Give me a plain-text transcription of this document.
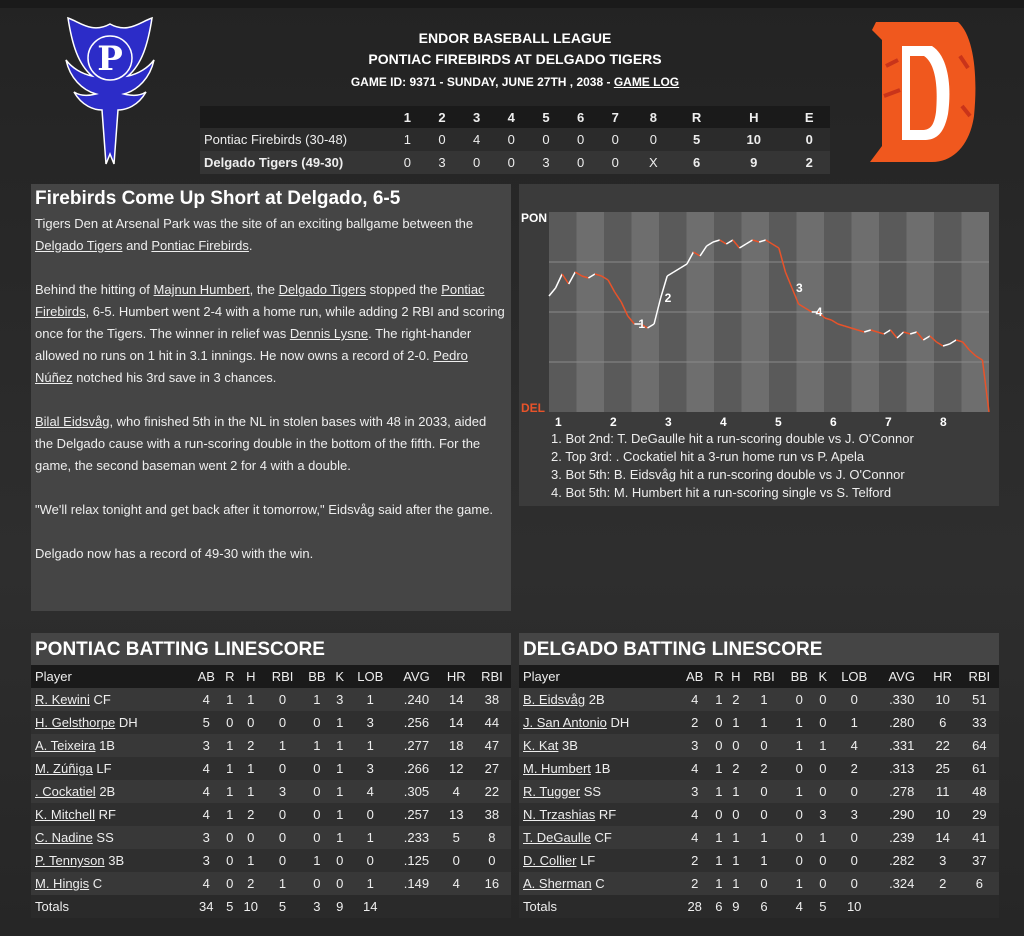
P
ENDOR BASEBALL LEAGUE
PONTIAC FIREBIRDS AT DELGADO TIGERS
GAME ID: 9371 - SUNDAY, JUNE 27TH , 2038 - GAME LOG
	1	2	3	4	5	6	7	8	R	H	E
Pontiac Firebirds (30-48)	1	0	4	0	0	0	0	0	5	10	0
Delgado Tigers (49-30)	0	3	0	0	3	0	0	X	6	9	2
Firebirds Come Up Short at Delgado, 6-5

Tigers Den at Arsenal Park was the site of an exciting ballgame between the Delgado Tigers and Pontiac Firebirds.

Behind the hitting of Majnun Humbert, the Delgado Tigers stopped the Pontiac Firebirds, 6-5. Humbert went 2-4 with a home run, while adding 2 RBI and scoring once for the Tigers. The winner in relief was Dennis Lysne. The right-hander allowed no runs on 1 hit in 3.1 innings. He now owns a record of 2-0. Pedro Núñez notched his 3rd save in 3 chances.

Bilal Eidsvåg, who finished 5th in the NL in stolen bases with 48 in 2033, aided the Delgado cause with a run-scoring double in the bottom of the fifth. For the game, the second baseman went 2 for 4 with a double.

"We'll relax tonight and get back after it tomorrow," Eidsvåg said after the game.

Delgado now has a record of 49-30 with the win.

PON
DEL
1	2	3	4	5	6	7	8
1
2
3
4
1. Bot 2nd: T. DeGaulle hit a run-scoring double vs J. O'Connor
2. Top 3rd: . Cockatiel hit a 3-run home run vs P. Apela
3. Bot 5th: B. Eidsvåg hit a run-scoring double vs J. O'Connor
4. Bot 5th: M. Humbert hit a run-scoring single vs S. Telford
PONTIAC BATTING LINESCORE
Player	AB	R	H	RBI	BB	K	LOB	AVG	HR	RBI
R. Kewini CF	4	1	1	0	1	3	1	.240	14	38
H. Gelsthorpe DH	5	0	0	0	0	1	3	.256	14	44
A. Teixeira 1B	3	1	2	1	1	1	1	.277	18	47
M. Zúñiga LF	4	1	1	0	0	1	3	.266	12	27
. Cockatiel 2B	4	1	1	3	0	1	4	.305	4	22
K. Mitchell RF	4	1	2	0	0	1	0	.257	13	38
C. Nadine SS	3	0	0	0	0	1	1	.233	5	8
P. Tennyson 3B	3	0	1	0	1	0	0	.125	0	0
M. Hingis C	4	0	2	1	0	0	1	.149	4	16
Totals	34	5	10	5	3	9	14			
DELGADO BATTING LINESCORE
Player	AB	R	H	RBI	BB	K	LOB	AVG	HR	RBI
B. Eidsvåg 2B	4	1	2	1	0	0	0	.330	10	51
J. San Antonio DH	2	0	1	1	1	0	1	.280	6	33
K. Kat 3B	3	0	0	0	1	1	4	.331	22	64
M. Humbert 1B	4	1	2	2	0	0	2	.313	25	61
R. Tugger SS	3	1	1	0	1	0	0	.278	11	48
N. Trzashias RF	4	0	0	0	0	3	3	.290	10	29
T. DeGaulle CF	4	1	1	1	0	1	0	.239	14	41
D. Collier LF	2	1	1	1	0	0	0	.282	3	37
A. Sherman C	2	1	1	0	1	0	0	.324	2	6
Totals	28	6	9	6	4	5	10			
